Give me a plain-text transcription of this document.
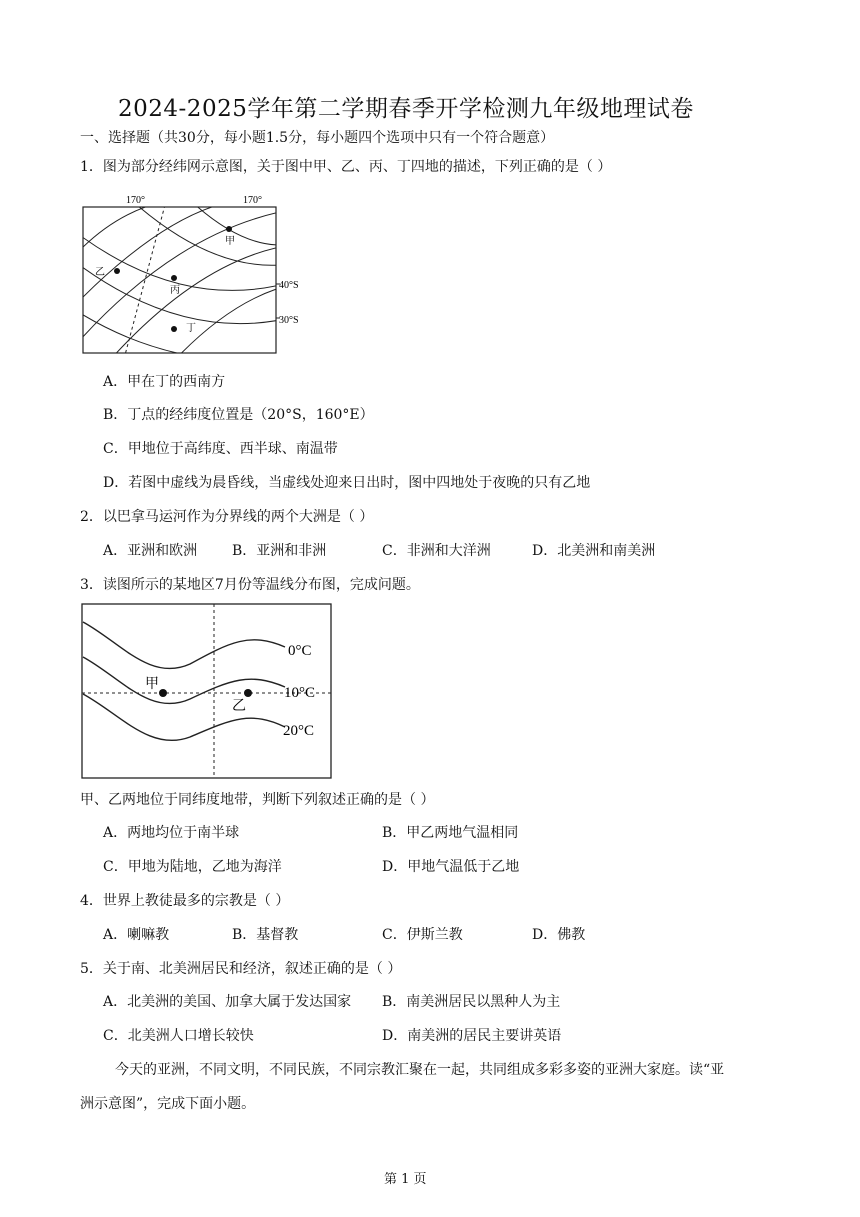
2024-2025学年第二学期春季开学检测九年级地理试卷
一、选择题（共30分，每小题1.5分，每小题四个选项中只有一个符合题意）
1．图为部分经纬网示意图，关于图中甲、乙、丙、丁四地的描述，下列正确的是（ ）
170°	170°
40°S
30°S
甲
乙
丙
丁
A．甲在丁的西南方
B．丁点的经纬度位置是（20°S，160°E）
C．甲地位于高纬度、西半球、南温带
D．若图中虚线为晨昏线，当虚线处迎来日出时，图中四地处于夜晚的只有乙地
2．以巴拿马运河作为分界线的两个大洲是（ ）
A．亚洲和欧洲 B．亚洲和非洲	C．非洲和大洋洲	D．北美洲和南美洲
3．读图所示的某地区7月份等温线分布图，完成问题。
0°C
10°C
20°C
甲
乙
甲、乙两地位于同纬度地带，判断下列叙述正确的是（ ）
A．两地均位于南半球	B．甲乙两地气温相同
C．甲地为陆地，乙地为海洋	D．甲地气温低于乙地
4．世界上教徒最多的宗教是（ ）
A．喇嘛教	B．基督教	C．伊斯兰教	D．佛教
5．关于南、北美洲居民和经济，叙述正确的是（ ）
A．北美洲的美国、加拿大属于发达国家 B．南美洲居民以黑种人为主
C．北美洲人口增长较快	D．南美洲的居民主要讲英语
今天的亚洲，不同文明，不同民族，不同宗教汇聚在一起，共同组成多彩多姿的亚洲大家庭。读“亚
洲示意图”，完成下面小题。
第 1 页
